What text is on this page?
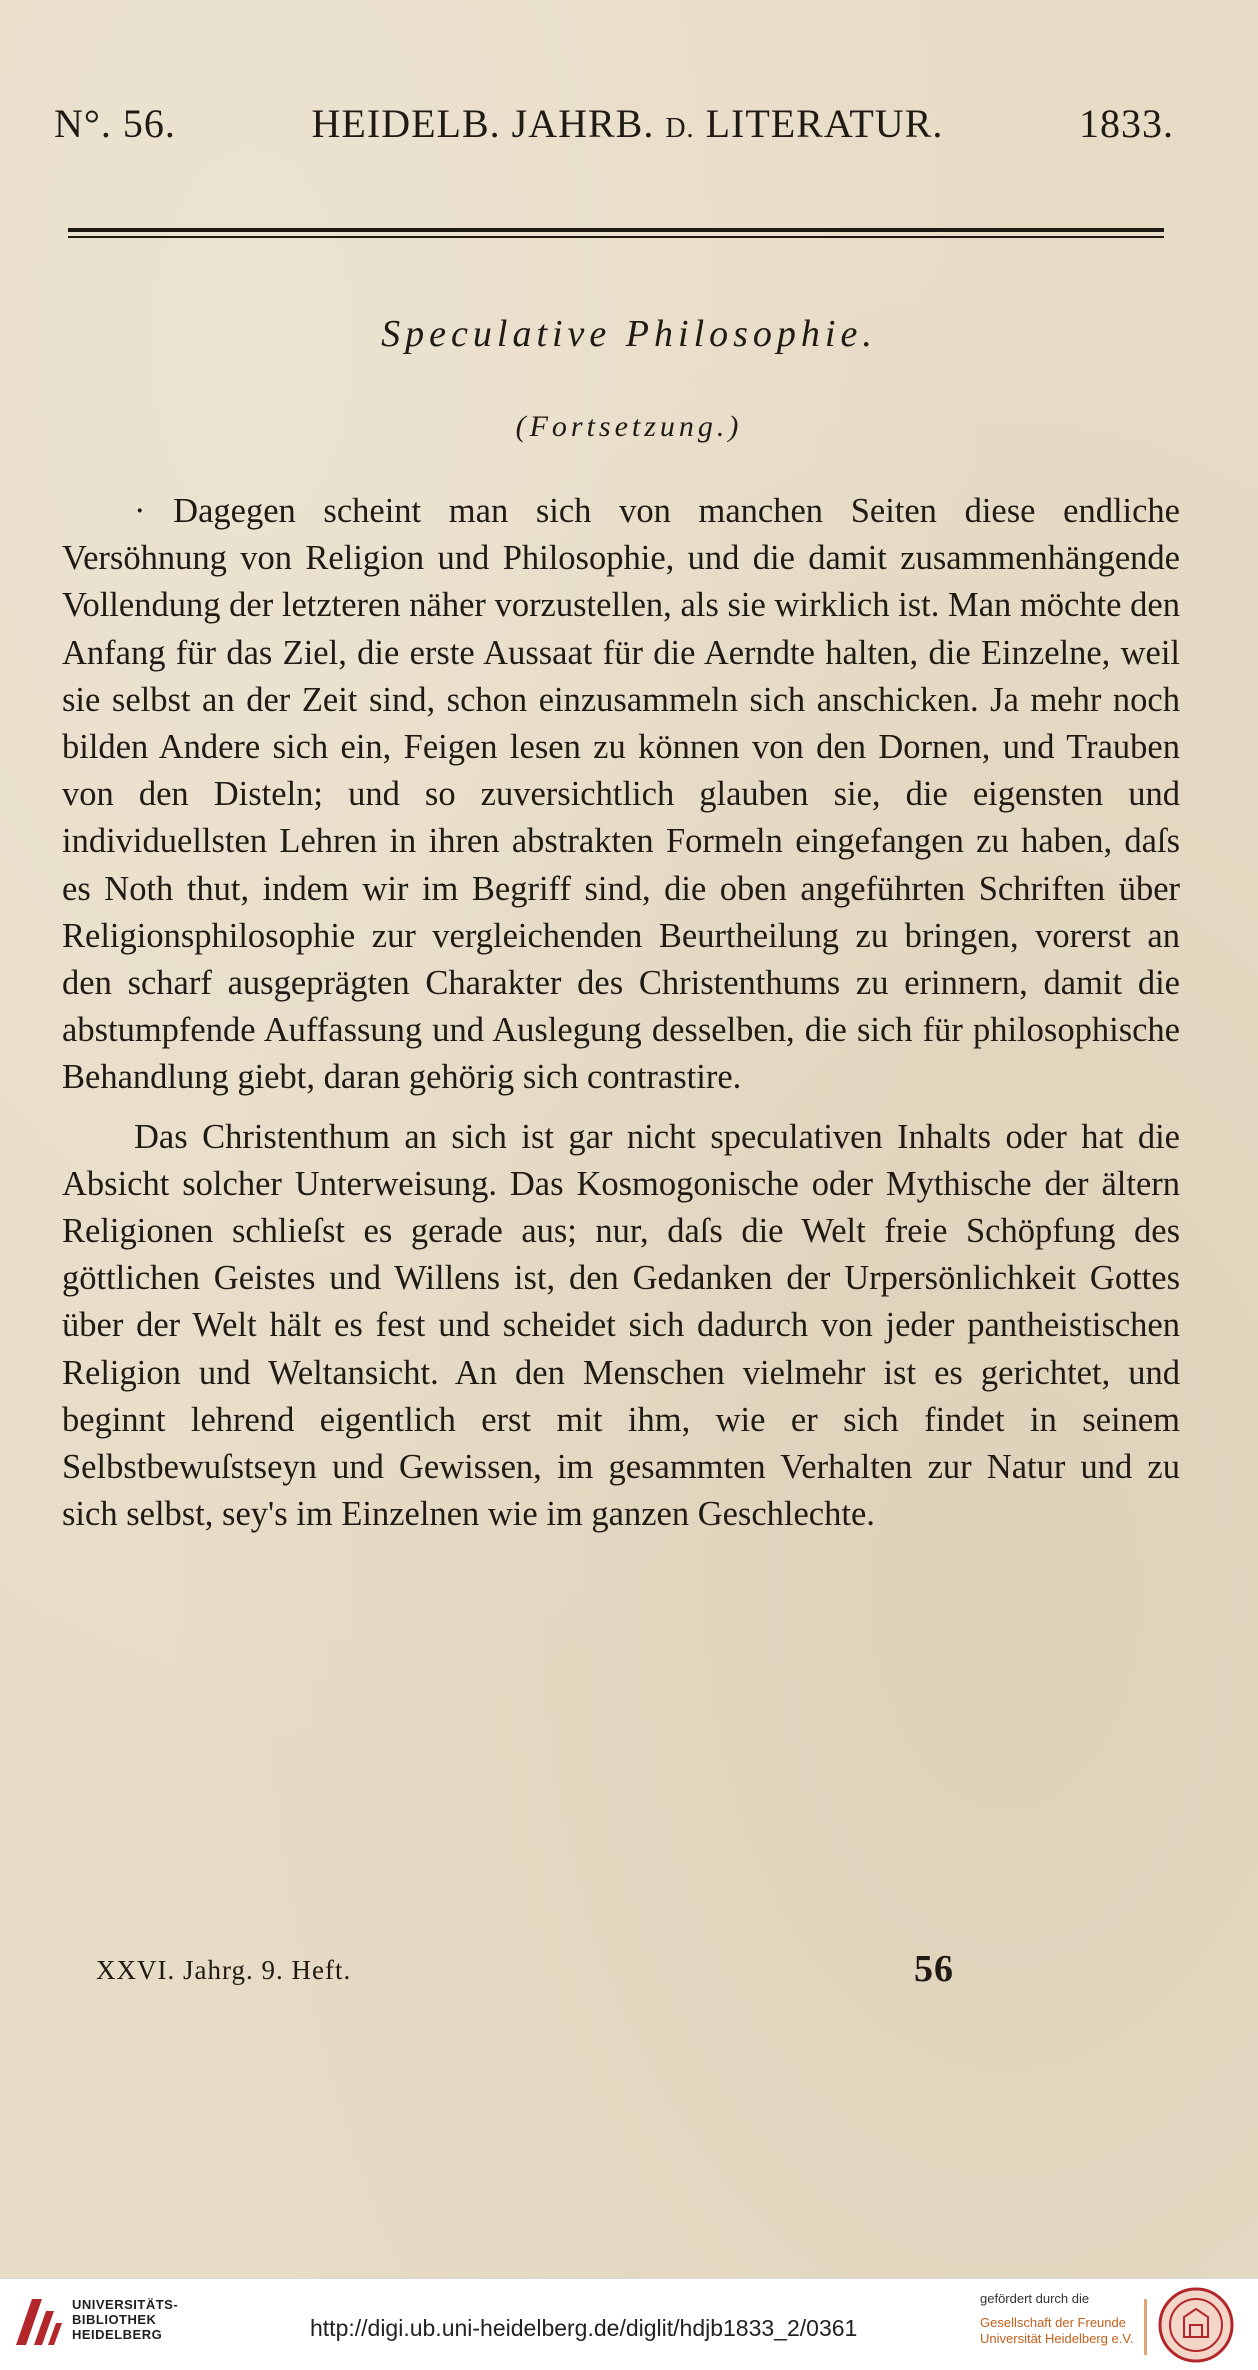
N°. 56.	HEIDELB. JAHRB. D. LITERATUR.	1833.
Speculative Philosophie.
(Fortsetzung.)

· Dagegen scheint man sich von manchen Seiten diese endliche Versöhnung von Religion und Philosophie, und die damit zusammenhängende Vollendung der letzteren näher vorzustellen, als sie wirklich ist. Man möchte den Anfang für das Ziel, die erste Aussaat für die Aerndte halten, die Einzelne, weil sie selbst an der Zeit sind, schon einzusammeln sich anschicken. Ja mehr noch bilden Andere sich ein, Feigen lesen zu können von den Dornen, und Trauben von den Disteln; und so zuversichtlich glauben sie, die eigensten und individuellsten Lehren in ihren abstrakten Formeln eingefangen zu haben, daſs es Noth thut, indem wir im Begriff sind, die oben angeführten Schriften über Religionsphilosophie zur vergleichenden Beurtheilung zu bringen, vorerst an den scharf ausgeprägten Charakter des Christenthums zu erinnern, damit die abstumpfende Auffassung und Auslegung desselben, die sich für philosophische Behandlung giebt, daran gehörig sich contrastire.

Das Christenthum an sich ist gar nicht speculativen Inhalts oder hat die Absicht solcher Unterweisung. Das Kosmogonische oder Mythische der ältern Religionen schlieſst es gerade aus; nur, daſs die Welt freie Schöpfung des göttlichen Geistes und Willens ist, den Gedanken der Urpersönlichkeit Gottes über der Welt hält es fest und scheidet sich dadurch von jeder pantheistischen Religion und Weltansicht. An den Menschen vielmehr ist es gerichtet, und beginnt lehrend eigentlich erst mit ihm, wie er sich findet in seinem Selbstbewuſstseyn und Gewissen, im gesammten Verhalten zur Natur und zu sich selbst, sey's im Einzelnen wie im ganzen Geschlechte.

XXVI. Jahrg. 9. Heft.	56
UNIVERSITÄTS-
BIBLIOTHEK
HEIDELBERG	http://digi.ub.uni-heidelberg.de/diglit/hdjb1833_2/0361
gefördert durch die
Gesellschaft der Freunde
Universität Heidelberg e.V.
